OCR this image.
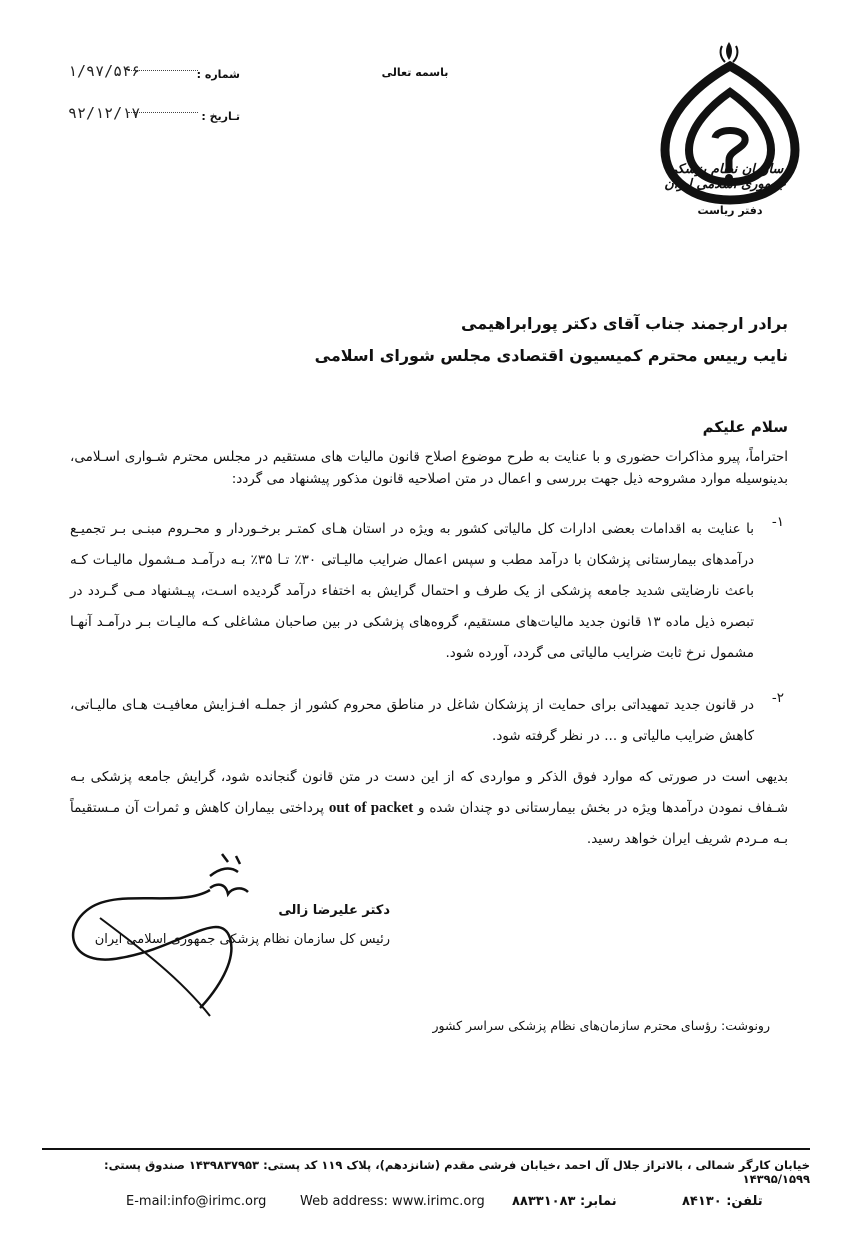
باسمه تعالی
شماره :
۱/۹۷/۵۴۶
تـاریخ :
۹۲/۱۲/۱۷
سازمان نظام پزشکی جمهوری اسلامی ایران
دفتر ریاست
برادر ارجمند جناب آقای دکتر پورابراهیمی
نایب رییس محترم کمیسیون اقتصادی مجلس شورای اسلامی
سلام علیکم
احتراماً، پیرو مذاکرات حضوری و با عنایت به طرح موضوع اصلاح قانون مالیات های مستقیم در مجلس محترم شـواری اسـلامی، بدینوسیله موارد مشروحه ذیل جهت بررسی و اعمال در متن اصلاحیه قانون مذکور پیشنهاد می گردد:
-۱
با عنایت به اقدامات بعضی ادارات کل مالیاتی کشور به ویژه در استان هـای کمتـر برخـوردار و محـروم مبنـی بـر تجمیـع درآمدهای بیمارستانی پزشکان با درآمد مطب و سپس اعمال ضرایب مالیـاتی ۳۰٪ تـا ۳۵٪ بـه درآمـد مـشمول مالیـات کـه باعث نارضایتی شدید جامعه پزشکی از یک طرف و احتمال گرایش به اختفاء درآمد گردیده اسـت، پیـشنهاد مـی گـردد در تبصره ذیل ماده ۱۳ قانون جدید مالیات‌های مستقیم، گروه‌های پزشکی در بین صاحبان مشاغلی کـه مالیـات بـر درآمـد آنهـا مشمول نرخ ثابت ضرایب مالیاتی می گردد، آورده شود.
-۲
در قانون جدید تمهیداتی برای حمایت از پزشکان شاغل در مناطق محروم کشور از جملـه افـزایش معافیـت هـای مالیـاتی، کاهش ضرایب مالیاتی و ... در نظر گرفته شود.
بدیهی است در صورتی که موارد فوق الذکر و مواردی که از این دست در متن قانون گنجانده شود، گرایش جامعه پزشکی بـه شـفاف نمودن درآمدها ویژه در بخش بیمارستانی دو چندان شده و out of packet پرداختی بیماران کاهش و ثمرات آن مـستقیماً بـه مـردم شریف ایران خواهد رسید.
دکتر علیرضا زالی
رئیس کل سازمان نظام پزشکی جمهوری اسلامی ایران
رونوشت: رؤسای محترم سازمان‌های نظام پزشکی سراسر کشور
خیابان کارگر شمالی ، بالاتراز جلال آل احمد ،خیابان فرشی مقدم (شانزدهم)، پلاک ۱۱۹ کد پستی: ۱۴۳۹۸۳۷۹۵۳ صندوق پستی: ۱۴۳۹۵/۱۵۹۹
E-mail:info@irimc.org	Web address: www.irimc.org نمابر: ۸۸۳۳۱۰۸۳	تلفن: ۸۴۱۳۰
